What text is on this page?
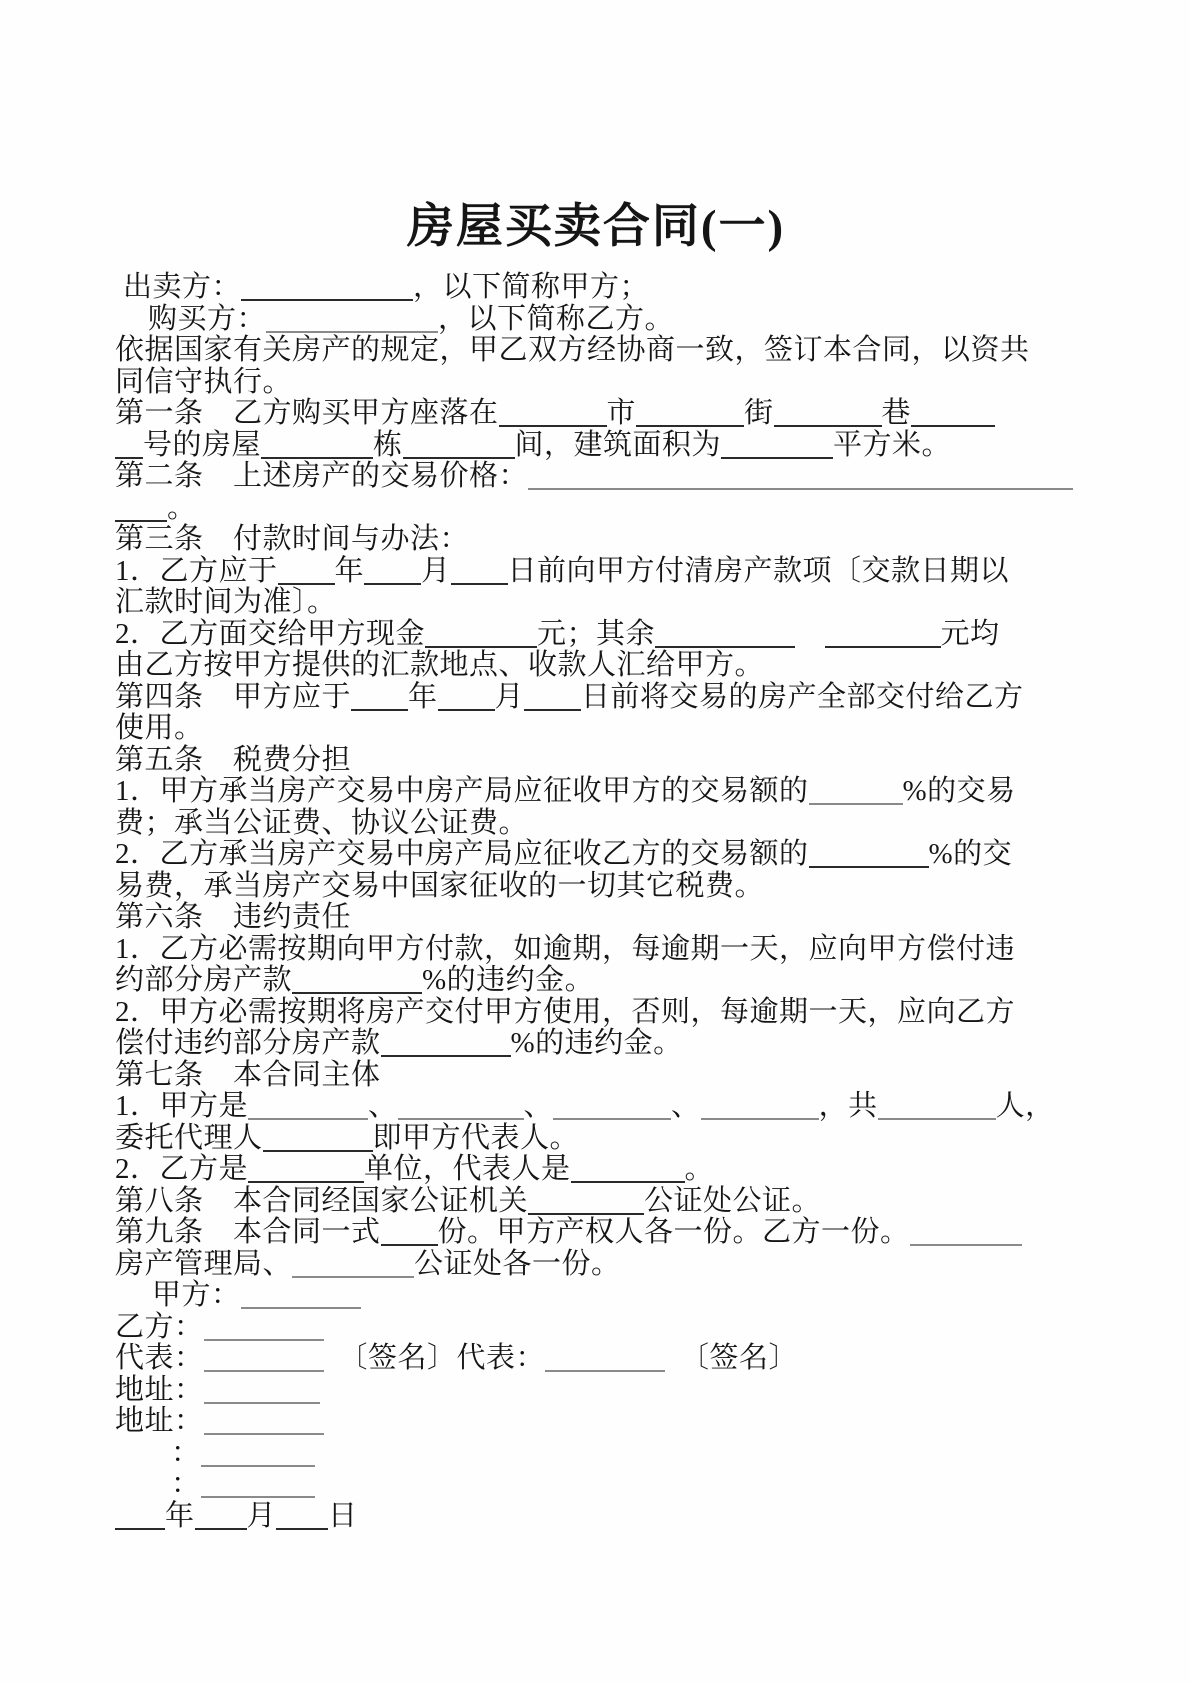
房屋买卖合同(一)
出卖方：	，以下简称甲方；
购买方：	，以下简称乙方。
依据国家有关房产的规定，甲乙双方经协商一致，签订本合同，以资共
同信守执行。
第一条　乙方购买甲方座落在	市	街	巷
号的房屋	栋	间，建筑面积为	平方米。
第二条　上述房产的交易价格：
。
第三条　付款时间与办法：
1．乙方应于 年 月 日前向甲方付清房产款项〔交款日期以
汇款时间为准〕。
2．乙方面交给甲方现金	元；其余　	元均
由乙方按甲方提供的汇款地点、收款人汇给甲方。
第四条　甲方应于 年 月 日前将交易的房产全部交付给乙方
使用。
第五条　税费分担
1．甲方承当房产交易中房产局应征收甲方的交易额的	%的交易
费；承当公证费、协议公证费。
2．乙方承当房产交易中房产局应征收乙方的交易额的	%的交
易费，承当房产交易中国家征收的一切其它税费。
第六条　违约责任
1．乙方必需按期向甲方付款，如逾期，每逾期一天，应向甲方偿付违
约部分房产款	%的违约金。
2．甲方必需按期将房产交付甲方使用，否则，每逾期一天，应向乙方
偿付违约部分房产款	%的违约金。
第七条　本合同主体
1．甲方是	、	、	、	，共	人，
委托代理人	即甲方代表人。
2．乙方是	单位，代表人是	。
第八条　本合同经国家公证机关	公证处公证。
第九条　本合同一式 份。甲方产权人各一份。乙方一份。
房产管理局、	公证处各一份。
甲方：
乙方：
代表：	　〔签名〕代表：	　〔签名〕
地址：
地址：
：
：
年 月 日
